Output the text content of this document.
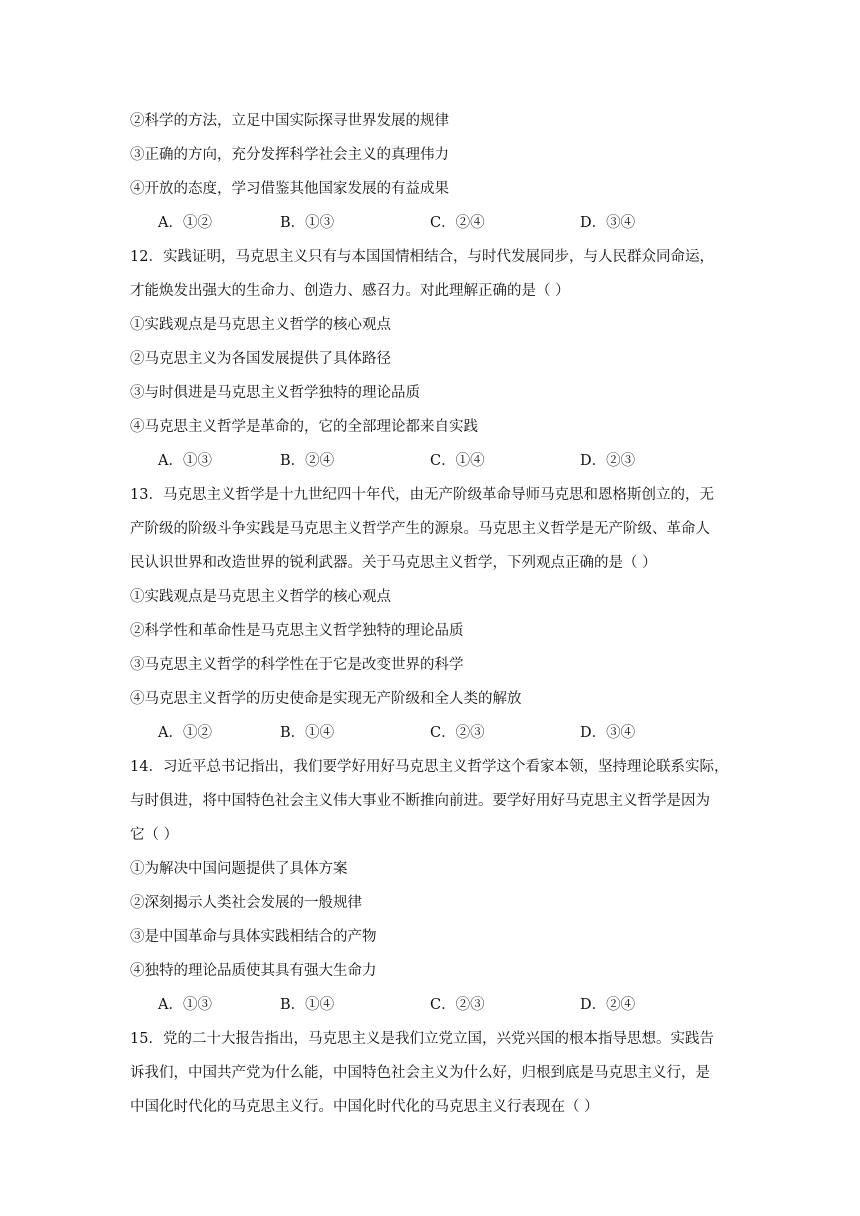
②科学的方法，立足中国实际探寻世界发展的规律
③正确的方向，充分发挥科学社会主义的真理伟力
④开放的态度，学习借鉴其他国家发展的有益成果
A．①②	B．①③	C．②④	D．③④
12．实践证明，马克思主义只有与本国国情相结合，与时代发展同步，与人民群众同命运，
才能焕发出强大的生命力、创造力、感召力。对此理解正确的是（ ）
①实践观点是马克思主义哲学的核心观点
②马克思主义为各国发展提供了具体路径
③与时俱进是马克思主义哲学独特的理论品质
④马克思主义哲学是革命的，它的全部理论都来自实践
A．①③	B．②④	C．①④	D．②③
13．马克思主义哲学是十九世纪四十年代，由无产阶级革命导师马克思和恩格斯创立的，无
产阶级的阶级斗争实践是马克思主义哲学产生的源泉。马克思主义哲学是无产阶级、革命人
民认识世界和改造世界的锐利武器。关于马克思主义哲学，下列观点正确的是（ ）
①实践观点是马克思主义哲学的核心观点
②科学性和革命性是马克思主义哲学独特的理论品质
③马克思主义哲学的科学性在于它是改变世界的科学
④马克思主义哲学的历史使命是实现无产阶级和全人类的解放
A．①②	B．①④	C．②③	D．③④
14．习近平总书记指出，我们要学好用好马克思主义哲学这个看家本领，坚持理论联系实际，
与时俱进，将中国特色社会主义伟大事业不断推向前进。要学好用好马克思主义哲学是因为
它（ ）
①为解决中国问题提供了具体方案
②深刻揭示人类社会发展的一般规律
③是中国革命与具体实践相结合的产物
④独特的理论品质使其具有强大生命力
A．①③	B．①④	C．②③	D．②④
15．党的二十大报告指出，马克思主义是我们立党立国，兴党兴国的根本指导思想。实践告
诉我们，中国共产党为什么能，中国特色社会主义为什么好，归根到底是马克思主义行，是
中国化时代化的马克思主义行。中国化时代化的马克思主义行表现在（ ）
